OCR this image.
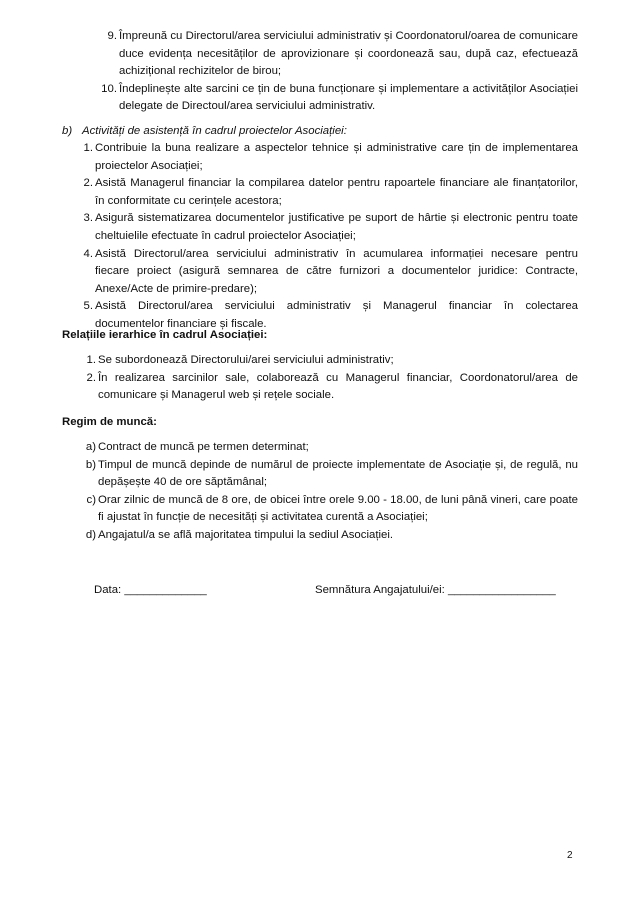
9. Împreună cu Directorul/area serviciului administrativ și Coordonatorul/oarea de comunicare duce evidența necesităților de aprovizionare și coordonează sau, după caz, efectuează achizițional rechizitelor de birou;
10. Îndeplinește alte sarcini ce țin de buna funcționare și implementare a activităților Asociației delegate de Directoul/area serviciului administrativ.
b) Activități de asistență în cadrul proiectelor Asociației:
1. Contribuie la buna realizare a aspectelor tehnice și administrative care țin de implementarea proiectelor Asociației;
2. Asistă Managerul financiar la compilarea datelor pentru rapoartele financiare ale finanțatorilor, în conformitate cu cerințele acestora;
3. Asigură sistematizarea documentelor justificative pe suport de hârtie și electronic pentru toate cheltuielile efectuate în cadrul proiectelor Asociației;
4. Asistă Directorul/area serviciului administrativ în acumularea informației necesare pentru fiecare proiect (asigură semnarea de către furnizori a documentelor juridice: Contracte, Anexe/Acte de primire-predare);
5. Asistă Directorul/area serviciului administrativ și Managerul financiar în colectarea documentelor financiare și fiscale.
Relațiile ierarhice în cadrul Asociației:
1. Se subordonează Directorului/arei serviciului administrativ;
2. În realizarea sarcinilor sale, colaborează cu Managerul financiar, Coordonatorul/area de comunicare și Managerul web și rețele sociale.
Regim de muncă:
a) Contract de muncă pe termen determinat;
b) Timpul de muncă depinde de numărul de proiecte implementate de Asociație și, de regulă, nu depășește 40 de ore săptămânal;
c) Orar zilnic de muncă de 8 ore, de obicei între orele 9.00 - 18.00, de luni până vineri, care poate fi ajustat în funcție de necesități și activitatea curentă a Asociației;
d) Angajatul/a se află majoritatea timpului la sediul Asociației.
Data: _____________	Semnătura Angajatului/ei: _________________
2
